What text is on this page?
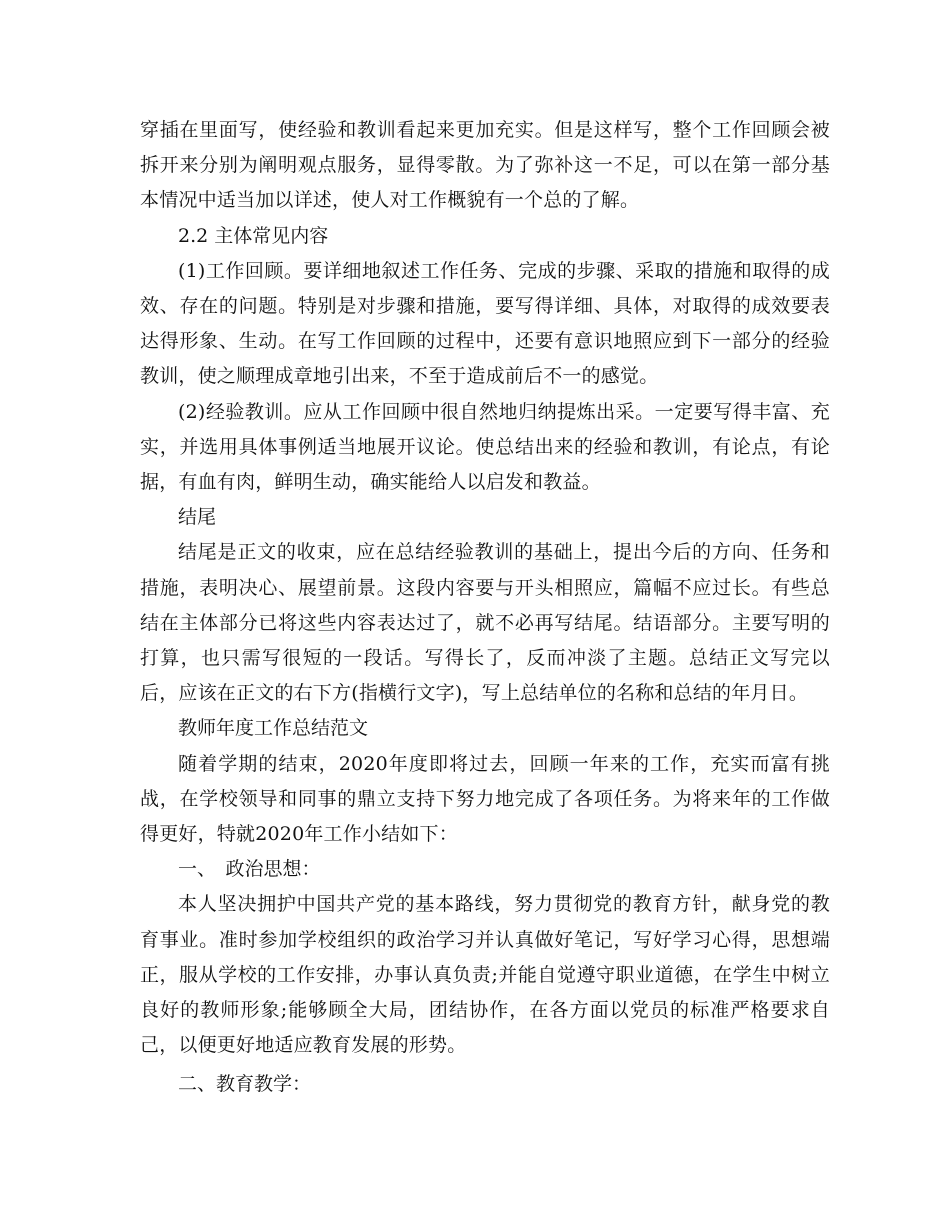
穿插在里面写，使经验和教训看起来更加充实。但是这样写，整个工作回顾会被拆开来分别为阐明观点服务，显得零散。为了弥补这一不足，可以在第一部分基本情况中适当加以详述，使人对工作概貌有一个总的了解。

2.2 主体常见内容

(1)工作回顾。要详细地叙述工作任务、完成的步骤、采取的措施和取得的成效、存在的问题。特别是对步骤和措施，要写得详细、具体，对取得的成效要表达得形象、生动。在写工作回顾的过程中，还要有意识地照应到下一部分的经验教训，使之顺理成章地引出来，不至于造成前后不一的感觉。

(2)经验教训。应从工作回顾中很自然地归纳提炼出采。一定要写得丰富、充实，并选用具体事例适当地展开议论。使总结出来的经验和教训，有论点，有论据，有血有肉，鲜明生动，确实能给人以启发和教益。

结尾

结尾是正文的收束，应在总结经验教训的基础上，提出今后的方向、任务和措施，表明决心、展望前景。这段内容要与开头相照应，篇幅不应过长。有些总结在主体部分已将这些内容表达过了，就不必再写结尾。结语部分。主要写明的打算，也只需写很短的一段话。写得长了，反而冲淡了主题。总结正文写完以后，应该在正文的右下方(指横行文字)，写上总结单位的名称和总结的年月日。

教师年度工作总结范文

随着学期的结束，2020年度即将过去，回顾一年来的工作，充实而富有挑战，在学校领导和同事的鼎立支持下努力地完成了各项任务。为将来年的工作做得更好，特就2020年工作小结如下：

一、　政治思想：

本人坚决拥护中国共产党的基本路线，努力贯彻党的教育方针，献身党的教育事业。准时参加学校组织的政治学习并认真做好笔记，写好学习心得，思想端正，服从学校的工作安排，办事认真负责;并能自觉遵守职业道德，在学生中树立良好的教师形象;能够顾全大局，团结协作，在各方面以党员的标准严格要求自己，以便更好地适应教育发展的形势。

二、教育教学：
